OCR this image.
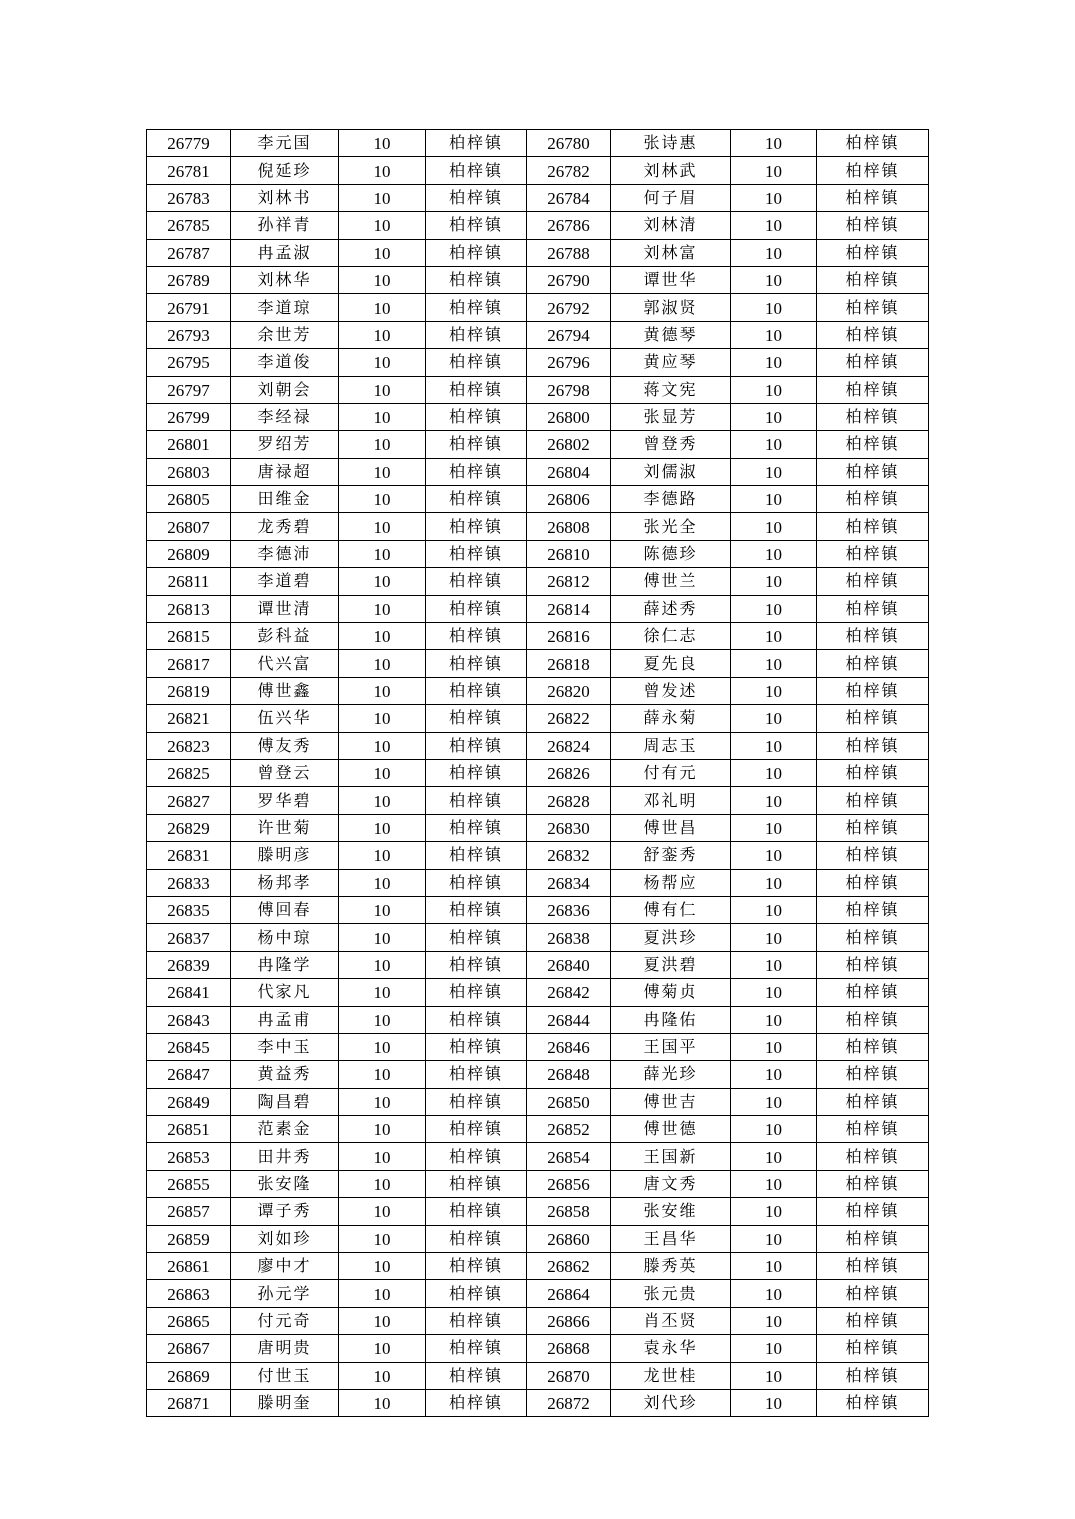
26779	李元国	10	柏梓镇	26780	张诗惠	10	柏梓镇
26781	倪延珍	10	柏梓镇	26782	刘林武	10	柏梓镇
26783	刘林书	10	柏梓镇	26784	何子眉	10	柏梓镇
26785	孙祥青	10	柏梓镇	26786	刘林清	10	柏梓镇
26787	冉孟淑	10	柏梓镇	26788	刘林富	10	柏梓镇
26789	刘林华	10	柏梓镇	26790	谭世华	10	柏梓镇
26791	李道琼	10	柏梓镇	26792	郭淑贤	10	柏梓镇
26793	余世芳	10	柏梓镇	26794	黄德琴	10	柏梓镇
26795	李道俊	10	柏梓镇	26796	黄应琴	10	柏梓镇
26797	刘朝会	10	柏梓镇	26798	蒋文宪	10	柏梓镇
26799	李经禄	10	柏梓镇	26800	张显芳	10	柏梓镇
26801	罗绍芳	10	柏梓镇	26802	曾登秀	10	柏梓镇
26803	唐禄超	10	柏梓镇	26804	刘儒淑	10	柏梓镇
26805	田维金	10	柏梓镇	26806	李德路	10	柏梓镇
26807	龙秀碧	10	柏梓镇	26808	张光全	10	柏梓镇
26809	李德沛	10	柏梓镇	26810	陈德珍	10	柏梓镇
26811	李道碧	10	柏梓镇	26812	傅世兰	10	柏梓镇
26813	谭世清	10	柏梓镇	26814	薛述秀	10	柏梓镇
26815	彭科益	10	柏梓镇	26816	徐仁志	10	柏梓镇
26817	代兴富	10	柏梓镇	26818	夏先良	10	柏梓镇
26819	傅世鑫	10	柏梓镇	26820	曾发述	10	柏梓镇
26821	伍兴华	10	柏梓镇	26822	薛永菊	10	柏梓镇
26823	傅友秀	10	柏梓镇	26824	周志玉	10	柏梓镇
26825	曾登云	10	柏梓镇	26826	付有元	10	柏梓镇
26827	罗华碧	10	柏梓镇	26828	邓礼明	10	柏梓镇
26829	许世菊	10	柏梓镇	26830	傅世昌	10	柏梓镇
26831	滕明彦	10	柏梓镇	26832	舒銮秀	10	柏梓镇
26833	杨邦孝	10	柏梓镇	26834	杨帮应	10	柏梓镇
26835	傅回春	10	柏梓镇	26836	傅有仁	10	柏梓镇
26837	杨中琼	10	柏梓镇	26838	夏洪珍	10	柏梓镇
26839	冉隆学	10	柏梓镇	26840	夏洪碧	10	柏梓镇
26841	代家凡	10	柏梓镇	26842	傅菊贞	10	柏梓镇
26843	冉孟甫	10	柏梓镇	26844	冉隆佑	10	柏梓镇
26845	李中玉	10	柏梓镇	26846	王国平	10	柏梓镇
26847	黄益秀	10	柏梓镇	26848	薛光珍	10	柏梓镇
26849	陶昌碧	10	柏梓镇	26850	傅世吉	10	柏梓镇
26851	范素金	10	柏梓镇	26852	傅世德	10	柏梓镇
26853	田井秀	10	柏梓镇	26854	王国新	10	柏梓镇
26855	张安隆	10	柏梓镇	26856	唐文秀	10	柏梓镇
26857	谭子秀	10	柏梓镇	26858	张安维	10	柏梓镇
26859	刘如珍	10	柏梓镇	26860	王昌华	10	柏梓镇
26861	廖中才	10	柏梓镇	26862	滕秀英	10	柏梓镇
26863	孙元学	10	柏梓镇	26864	张元贵	10	柏梓镇
26865	付元奇	10	柏梓镇	26866	肖丕贤	10	柏梓镇
26867	唐明贵	10	柏梓镇	26868	袁永华	10	柏梓镇
26869	付世玉	10	柏梓镇	26870	龙世桂	10	柏梓镇
26871	滕明奎	10	柏梓镇	26872	刘代珍	10	柏梓镇
